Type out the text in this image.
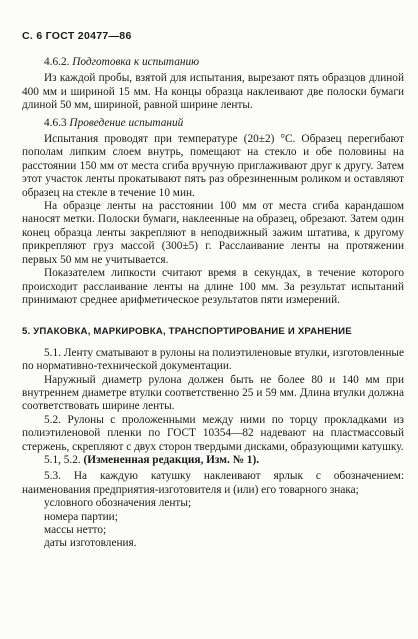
С. 6 ГОСТ 20477—86

4.6.2. Подготовка к испытанию

Из каждой пробы, взятой для испытания, вырезают пять образцов длиной 400 мм и шириной 15 мм. На концы образца наклеивают две полоски бумаги длиной 50 мм, шириной, равной ширине ленты.

4.6.3 Проведение испытаний

Испытания проводят при температуре (20±2) °С. Образец перегибают пополам липким слоем внутрь, помещают на стекло и обе половины на расстоянии 150 мм от места сгиба вручную приглаживают друг к другу. Затем этот участок ленты прокатывают пять раз обрезиненным роликом и оставляют образец на стекле в течение 10 мин.

На образце ленты на расстоянии 100 мм от места сгиба карандашом наносят метки. Полоски бумаги, наклеенные на образец, обрезают. Затем один конец образца ленты закрепляют в неподвижный зажим штатива, к другому прикрепляют груз массой (300±5) г. Расслаивание ленты на протяжении первых 50 мм не учитывается.

Показателем липкости считают время в секундах, в течение которого происходит расслаивание ленты на длине 100 мм. За результат испытаний принимают среднее арифметическое результатов пяти измерений.

5. УПАКОВКА, МАРКИРОВКА, ТРАНСПОРТИРОВАНИЕ И ХРАНЕНИЕ

5.1. Ленту сматывают в рулоны на полиэтиленовые втулки, изготовленные по нормативно-технической документации.

Наружный диаметр рулона должен быть не более 80 и 140 мм при внутреннем диаметре втулки соответственно 25 и 59 мм. Длина втулки должна соответствовать ширине ленты.

5.2. Рулоны с проложенными между ними по торцу прокладками из полиэтиленовой пленки по ГОСТ 10354—82 надевают на пластмассовый стержень, скрепляют с двух сторон твердыми дисками, образующими катушку.

5.1, 5.2. (Измененная редакция, Изм. № 1).

5.3. На каждую катушку наклеивают ярлык с обозначением: наименования предприятия-изготовителя и (или) его товарного знака;

условного обозначения ленты;

номера партии;

массы нетто;

даты изготовления.
